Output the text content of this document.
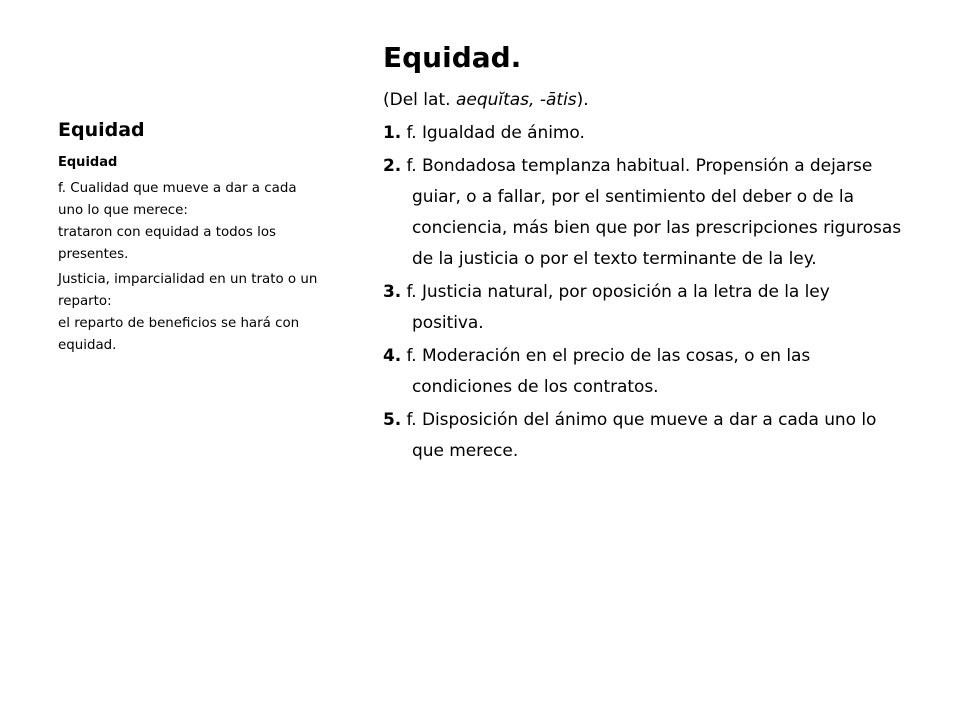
Equidad
Equidad
f. Cualidad que mueve a dar a cada
uno lo que merece:
trataron con equidad a todos los
presentes.
Justicia, imparcialidad en un trato o un
reparto:
el reparto de beneficios se hará con
equidad.
Equidad.
(Del lat. aequĭtas, -ātis).
1. f. Igualdad de ánimo.
2. f. Bondadosa templanza habitual. Propensión a dejarse guiar, o a fallar, por el sentimiento del deber o de la conciencia, más bien que por las prescripciones rigurosas de la justicia o por el texto terminante de la ley.
3. f. Justicia natural, por oposición a la letra de la ley positiva.
4. f. Moderación en el precio de las cosas, o en las condiciones de los contratos.
5. f. Disposición del ánimo que mueve a dar a cada uno lo que merece.
